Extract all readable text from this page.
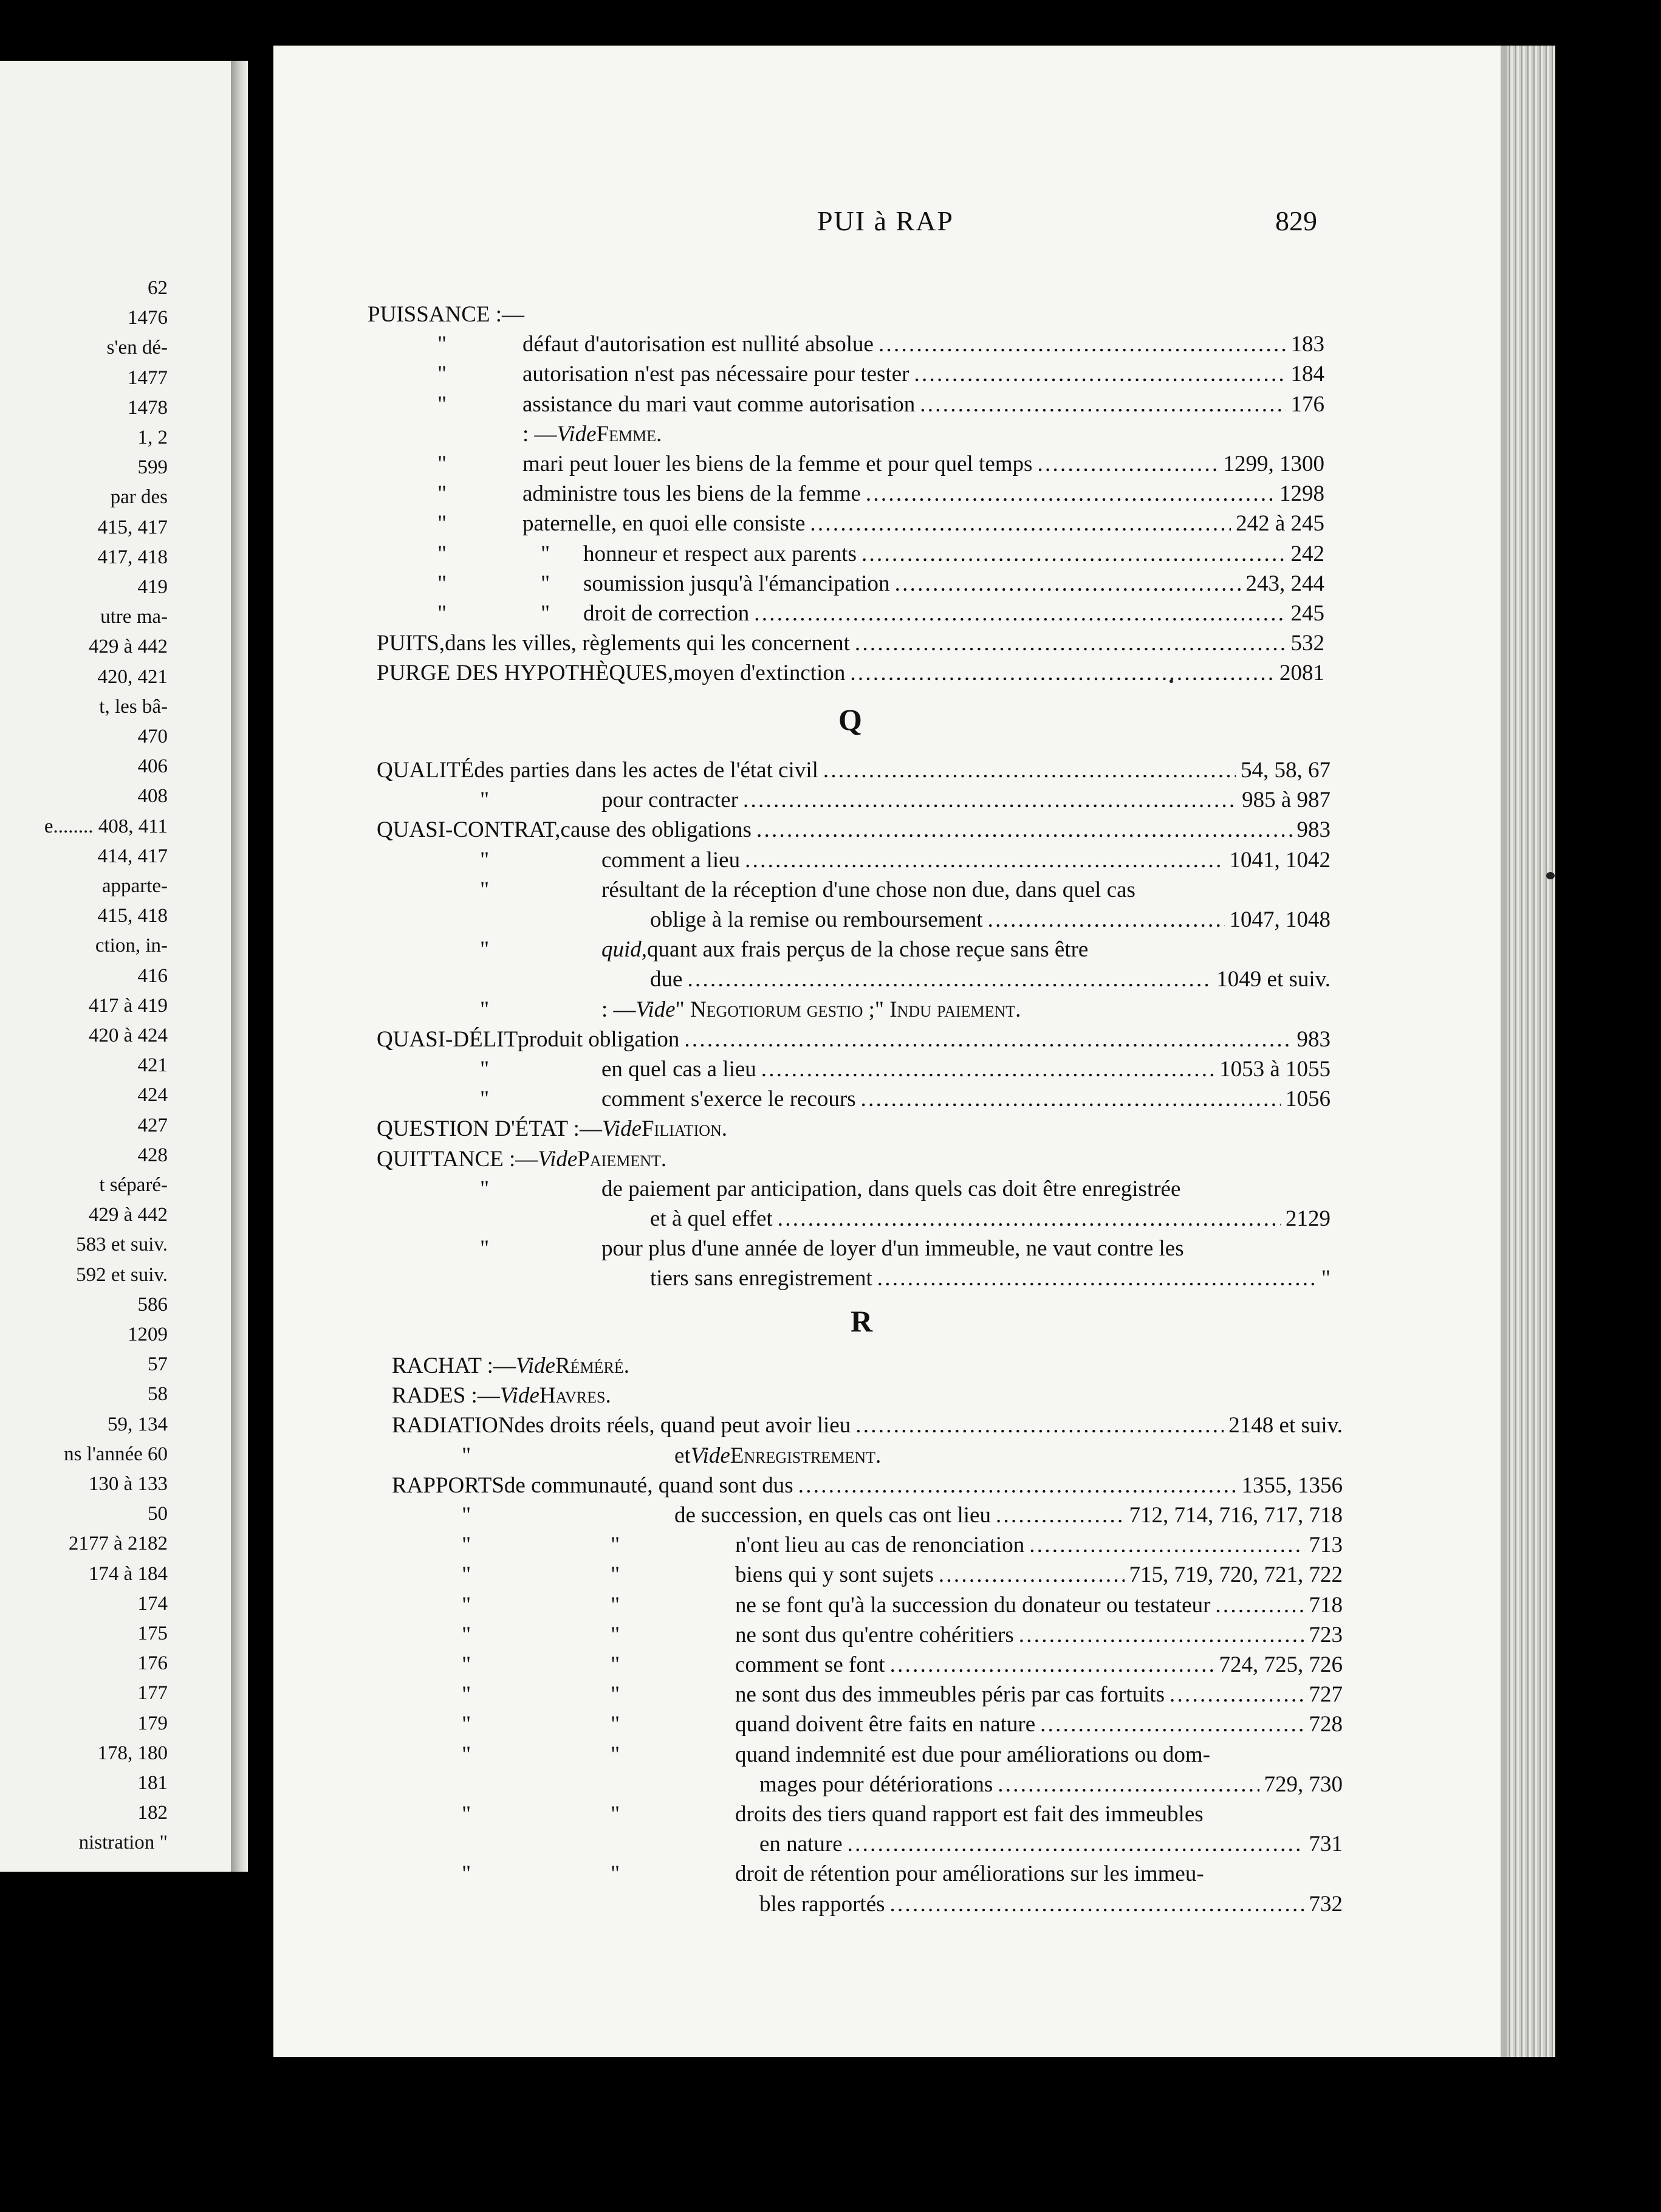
62
1476
s'en dé-
1477
1478
1, 2
599
par des
415, 417
417, 418
419
utre ma-
429 à 442
420, 421
t, les bâ-
470
406
408
e........ 408, 411
414, 417
apparte-
415, 418
ction, in-
416
417 à 419
420 à 424
421
424
427
428
t séparé-
429 à 442
583 et suiv.
592 et suiv.
586
1209
57
58
59, 134
ns l'année 60
130 à 133
50
2177 à 2182
174 à 184
174
175
176
177
179
178, 180
181
182
nistration "
PUI à RAP	829
PUISSANCE :—
"	défaut d'autorisation est nullité absolue . . .	183
"	autorisation n'est pas nécessaire pour tester . . .	184
"	assistance du mari vaut comme autorisation . . .	176
: — Vide Femme.
"	mari peut louer les biens de la femme et pour quel temps . . .	1299, 1300
"	administre tous les biens de la femme . . .	1298
"	paternelle, en quoi elle consiste . . .	242 à 245
"	"	honneur et respect aux parents . . .	242
"	"	soumission jusqu'à l'émancipation . . .	243, 244
"	"	droit de correction . . .	245
PUITS, dans les villes, règlements qui les concernent . . .	532
PURGE DES HYPOTHÈQUES, moyen d'extinction . . .	2081
Q
QUALITÉ des parties dans les actes de l'état civil . . .	54, 58, 67
"	pour contracter . . .	985 à 987
QUASI-CONTRAT, cause des obligations . . .	983
"	comment a lieu . . .	1041, 1042
"	résultant de la réception d'une chose non due, dans quel cas
oblige à la remise ou remboursement . . .	1047, 1048
"	quid, quant aux frais perçus de la chose reçue sans être
due . . .	1049 et suiv.
"	: — Vide " Negotiorum gestio ;" Indu paiement.
QUASI-DÉLIT produit obligation . . .	983
"	en quel cas a lieu . . .	1053 à 1055
"	comment s'exerce le recours . . .	1056
QUESTION D'ÉTAT :— Vide Filiation.
QUITTANCE :— Vide Paiement.
"	de paiement par anticipation, dans quels cas doit être enregistrée
et à quel effet . . .	2129
"	pour plus d'une année de loyer d'un immeuble, ne vaut contre les
tiers sans enregistrement . . .	"
R
RACHAT :— Vide Réméré.
RADES :— Vide Havres.
RADIATION des droits réels, quand peut avoir lieu . . .	2148 et suiv.
"	et Vide Enregistrement.
RAPPORTS de communauté, quand sont dus . . .	1355, 1356
"	de succession, en quels cas ont lieu . . .	712, 714, 716, 717, 718
"	"	n'ont lieu au cas de renonciation . . .	713
"	"	biens qui y sont sujets . . .	715, 719, 720, 721, 722
"	"	ne se font qu'à la succession du donateur ou testateur . . .	718
"	"	ne sont dus qu'entre cohéritiers . . .	723
"	"	comment se font . . .	724, 725, 726
"	"	ne sont dus des immeubles péris par cas fortuits . . .	727
"	"	quand doivent être faits en nature . . .	728
"	"	quand indemnité est due pour améliorations ou dom-
mages pour détériorations . . .	729, 730
"	"	droits des tiers quand rapport est fait des immeubles
en nature . . .	731
"	"	droit de rétention pour améliorations sur les immeu-
bles rapportés . . .	732
